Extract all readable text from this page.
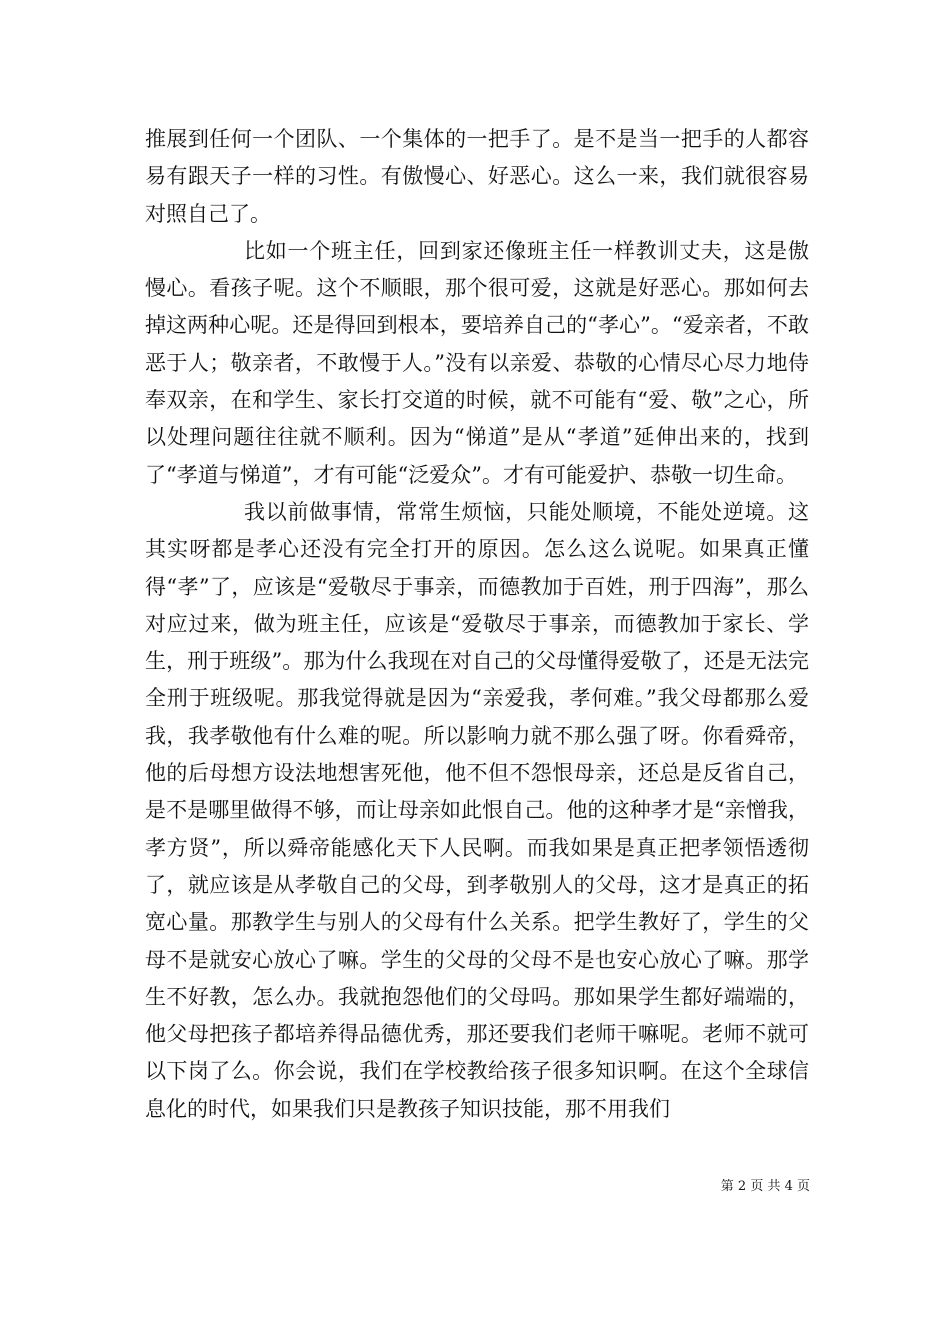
推展到任何一个团队、一个集体的一把手了。是不是当一把手的人都容易有跟天子一样的习性。有傲慢心、好恶心。这么一来，我们就很容易对照自己了。

比如一个班主任，回到家还像班主任一样教训丈夫，这是傲慢心。看孩子呢。这个不顺眼，那个很可爱，这就是好恶心。那如何去掉这两种心呢。还是得回到根本，要培养自己的“孝心”。“爱亲者，不敢恶于人；敬亲者，不敢慢于人。”没有以亲爱、恭敬的心情尽心尽力地侍奉双亲，在和学生、家长打交道的时候，就不可能有“爱、敬”之心，所以处理问题往往就不顺利。因为“悌道”是从“孝道”延伸出来的，找到了“孝道与悌道”，才有可能“泛爱众”。才有可能爱护、恭敬一切生命。

我以前做事情，常常生烦恼，只能处顺境，不能处逆境。这其实呀都是孝心还没有完全打开的原因。怎么这么说呢。如果真正懂得“孝”了，应该是“爱敬尽于事亲，而德教加于百姓，刑于四海”，那么对应过来，做为班主任，应该是“爱敬尽于事亲，而德教加于家长、学生，刑于班级”。那为什么我现在对自己的父母懂得爱敬了，还是无法完全刑于班级呢。那我觉得就是因为“亲爱我，孝何难。”我父母都那么爱我，我孝敬他有什么难的呢。所以影响力就不那么强了呀。你看舜帝，他的后母想方设法地想害死他，他不但不怨恨母亲，还总是反省自己，是不是哪里做得不够，而让母亲如此恨自己。他的这种孝才是“亲憎我，孝方贤”，所以舜帝能感化天下人民啊。而我如果是真正把孝领悟透彻了，就应该是从孝敬自己的父母，到孝敬别人的父母，这才是真正的拓宽心量。那教学生与别人的父母有什么关系。把学生教好了，学生的父母不是就安心放心了嘛。学生的父母的父母不是也安心放心了嘛。那学生不好教，怎么办。我就抱怨他们的父母吗。那如果学生都好端端的，他父母把孩子都培养得品德优秀，那还要我们老师干嘛呢。老师不就可以下岗了么。你会说，我们在学校教给孩子很多知识啊。在这个全球信息化的时代，如果我们只是教孩子知识技能，那不用我们

第 2 页 共 4 页
